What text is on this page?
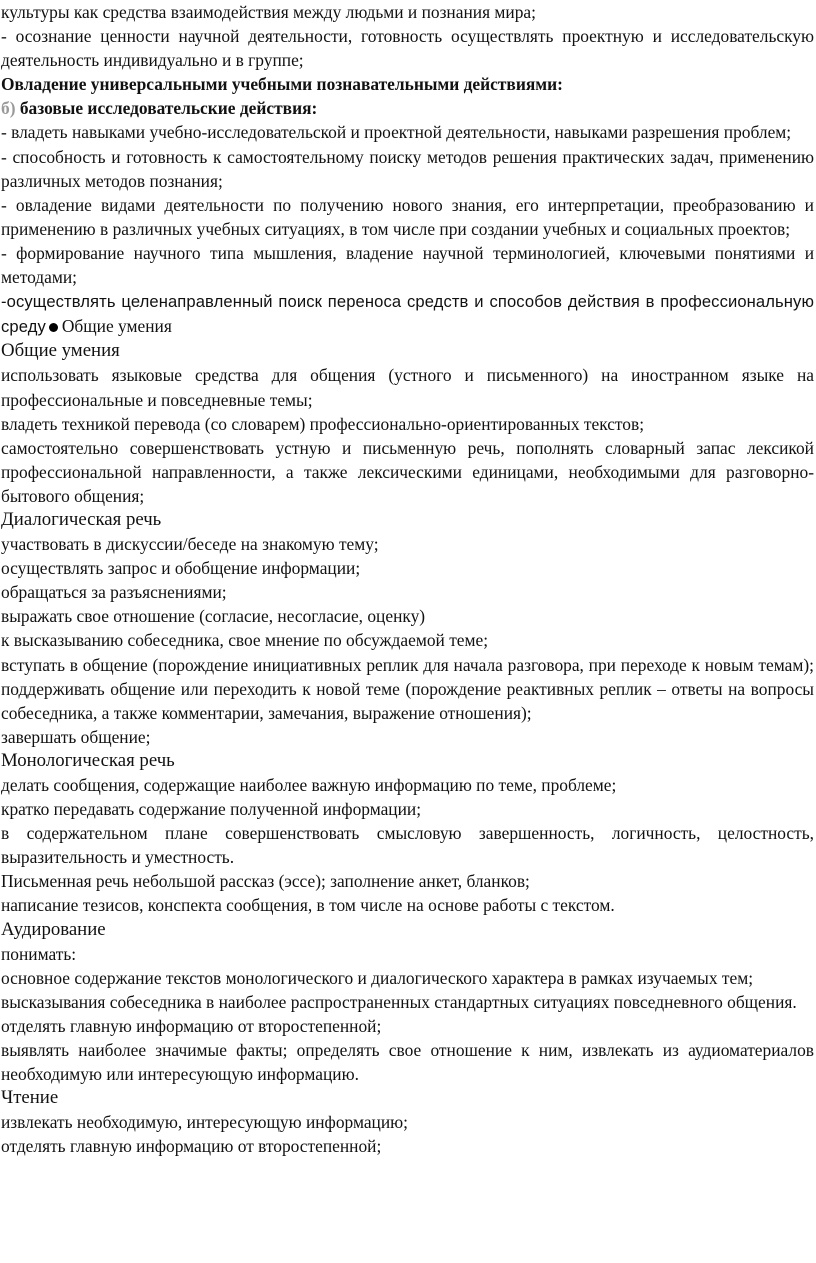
культуры как средства взаимодействия между людьми и познания мира;

- осознание ценности научной деятельности, готовность осуществлять проектную и исследовательскую деятельность индивидуально и в группе;

Овладение универсальными учебными познавательными действиями:

б) базовые исследовательские действия:

- владеть навыками учебно-исследовательской и проектной деятельности, навыками разрешения проблем;

- способность и готовность к самостоятельному поиску методов решения практических задач, применению различных методов познания;

- овладение видами деятельности по получению нового знания, его интерпретации, преобразованию и применению в различных учебных ситуациях, в том числе при создании учебных и социальных проектов;

- формирование научного типа мышления, владение научной терминологией, ключевыми понятиями и методами;

-осуществлять целенаправленный поиск переноса средств и способов действия в профессиональную среду Общие умения

Общие умения

использовать языковые средства для общения (устного и письменного) на иностранном языке на профессиональные и повседневные темы;

владеть техникой перевода (со словарем) профессионально-ориентированных текстов;

самостоятельно совершенствовать устную и письменную речь, пополнять словарный запас лексикой профессиональной направленности, а также лексическими единицами, необходимыми для разговорно-бытового общения;

Диалогическая речь

участвовать в дискуссии/беседе на знакомую тему;

осуществлять запрос и обобщение информации;

обращаться за разъяснениями;

выражать свое отношение (согласие, несогласие, оценку)

к высказыванию собеседника, свое мнение по обсуждаемой теме;

вступать в общение (порождение инициативных реплик для начала разговора, при переходе к новым темам); поддерживать общение или переходить к новой теме (порождение реактивных реплик – ответы на вопросы собеседника, а также комментарии, замечания, выражение отношения);

завершать общение;

Монологическая речь

делать сообщения, содержащие наиболее важную информацию по теме, проблеме;

кратко передавать содержание полученной информации;

в содержательном плане совершенствовать смысловую завершенность, логичность, целостность, выразительность и уместность.

Письменная речь небольшой рассказ (эссе); заполнение анкет, бланков;

написание тезисов, конспекта сообщения, в том числе на основе работы с текстом.

Аудирование

понимать:

основное содержание текстов монологического и диалогического характера в рамках изучаемых тем;

высказывания собеседника в наиболее распространенных стандартных ситуациях повседневного общения.

отделять главную информацию от второстепенной;

выявлять наиболее значимые факты; определять свое отношение к ним, извлекать из аудиоматериалов необходимую или интересующую информацию.

Чтение

извлекать необходимую, интересующую информацию;

отделять главную информацию от второстепенной;
